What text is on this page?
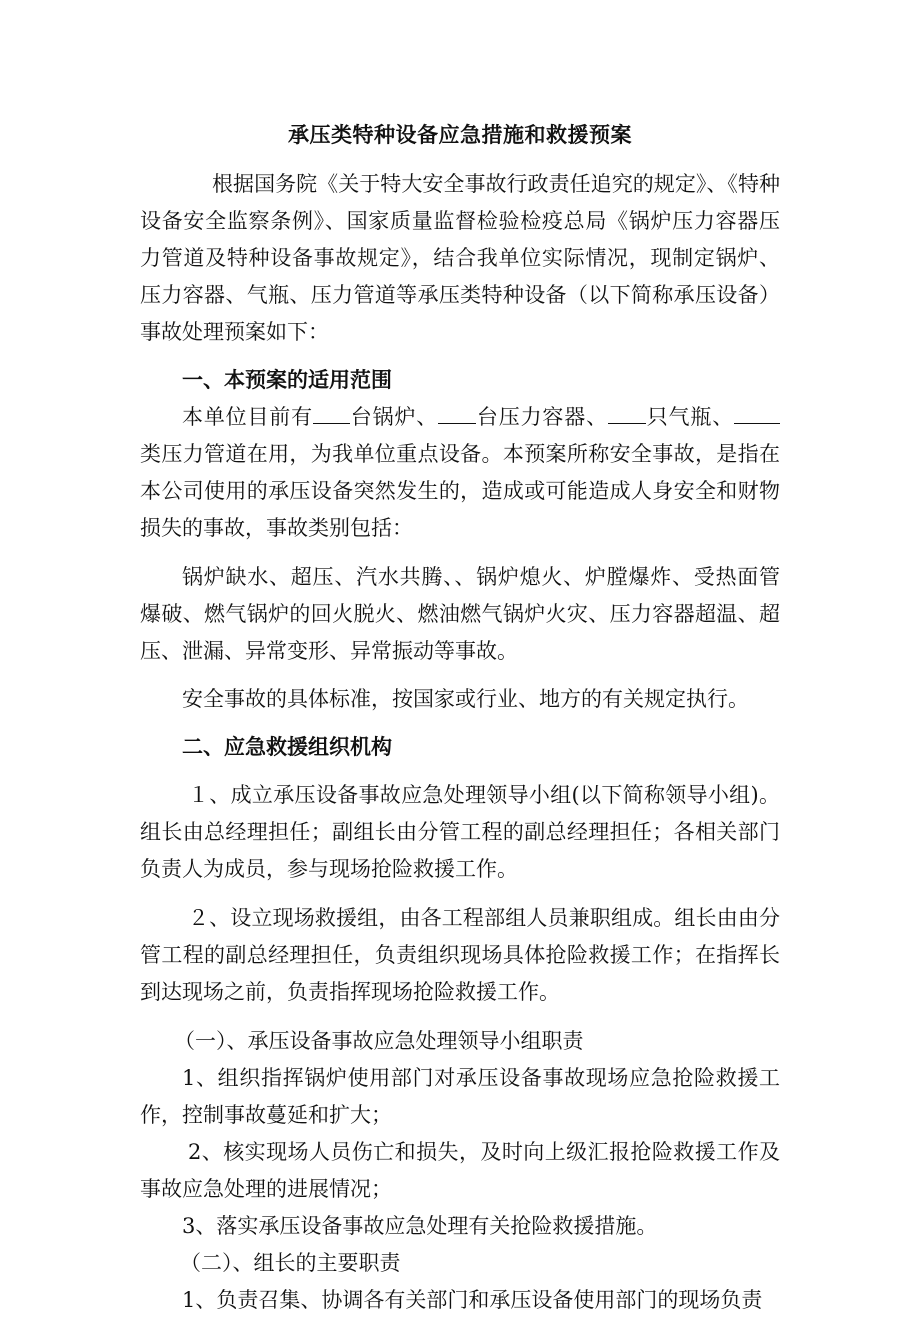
承压类特种设备应急措施和救援预案

根据国务院《关于特大安全事故行政责任追究的规定》、《特种设备安全监察条例》、国家质量监督检验检疫总局《锅炉压力容器压力管道及特种设备事故规定》，结合我单位实际情况，现制定锅炉、压力容器、气瓶、压力管道等承压类特种设备（以下简称承压设备）事故处理预案如下：

一、本预案的适用范围

本单位目前有 台锅炉、 台压力容器、 只气瓶、类压力管道在用，为我单位重点设备。本预案所称安全事故，是指在本公司使用的承压设备突然发生的，造成或可能造成人身安全和财物损失的事故，事故类别包括：

锅炉缺水、超压、汽水共腾、、锅炉熄火、炉膛爆炸、受热面管爆破、燃气锅炉的回火脱火、燃油燃气锅炉火灾、压力容器超温、超压、泄漏、异常变形、异常振动等事故。

安全事故的具体标准，按国家或行业、地方的有关规定执行。

二、应急救援组织机构

１、成立承压设备事故应急处理领导小组(以下简称领导小组)。组长由总经理担任；副组长由分管工程的副总经理担任；各相关部门负责人为成员，参与现场抢险救援工作。

２、设立现场救援组，由各工程部组人员兼职组成。组长由由分管工程的副总经理担任，负责组织现场具体抢险救援工作；在指挥长到达现场之前，负责指挥现场抢险救援工作。

（一）、承压设备事故应急处理领导小组职责

1、组织指挥锅炉使用部门对承压设备事故现场应急抢险救援工作，控制事故蔓延和扩大；

2、核实现场人员伤亡和损失，及时向上级汇报抢险救援工作及事故应急处理的进展情况；

3、落实承压设备事故应急处理有关抢险救援措施。

（二）、组长的主要职责

1、负责召集、协调各有关部门和承压设备使用部门的现场负责
